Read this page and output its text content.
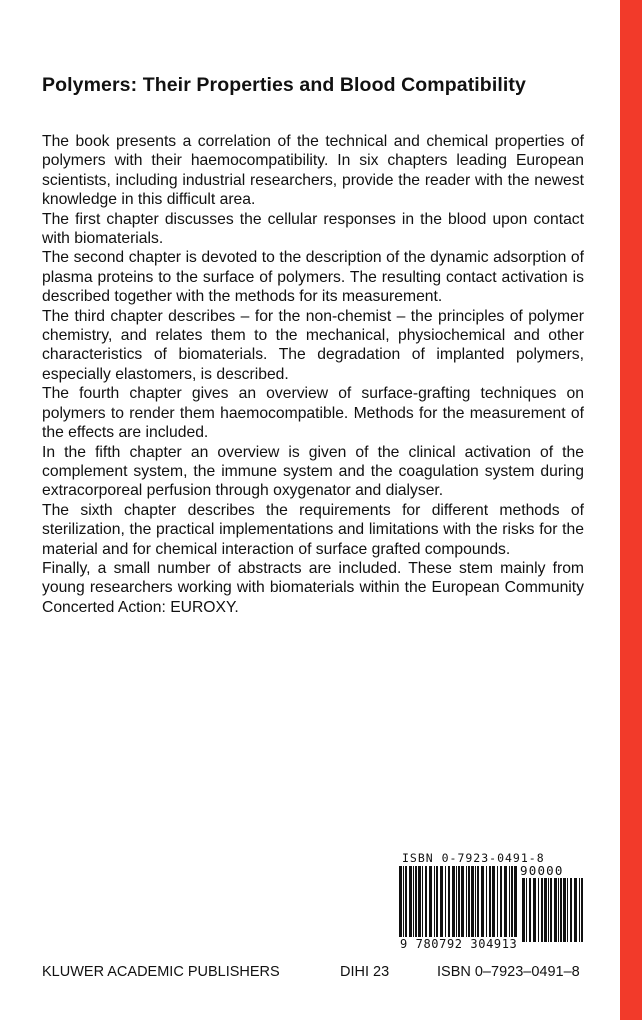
Polymers: Their Properties and Blood Compatibility

The book presents a correlation of the technical and chemical properties of polymers with their haemocompatibility. In six chapters leading European scientists, including industrial researchers, provide the reader with the newest knowledge in this difficult area.

The first chapter discusses the cellular responses in the blood upon contact with biomaterials.

The second chapter is devoted to the description of the dynamic adsorption of plasma proteins to the surface of polymers. The resulting contact activation is described together with the methods for its measurement.

The third chapter describes – for the non-chemist – the principles of polymer chemistry, and relates them to the mechanical, physiochemical and other characteristics of biomaterials. The degradation of implanted polymers, especially elastomers, is described.

The fourth chapter gives an overview of surface-grafting techniques on polymers to render them haemocompatible. Methods for the measurement of the effects are included.

In the fifth chapter an overview is given of the clinical activation of the complement system, the immune system and the coagulation system during extracorporeal perfusion through oxygenator and dialyser.

The sixth chapter describes the requirements for different methods of sterilization, the practical implementations and limitations with the risks for the material and for chemical interaction of surface grafted compounds.

Finally, a small number of abstracts are included. These stem mainly from young researchers working with biomaterials within the European Community Concerted Action: EUROXY.

ISBN 0-7923-0491-8
90000
9 780792 304913
KLUWER ACADEMIC PUBLISHERS	DIHI 23	ISBN 0–7923–0491–8
